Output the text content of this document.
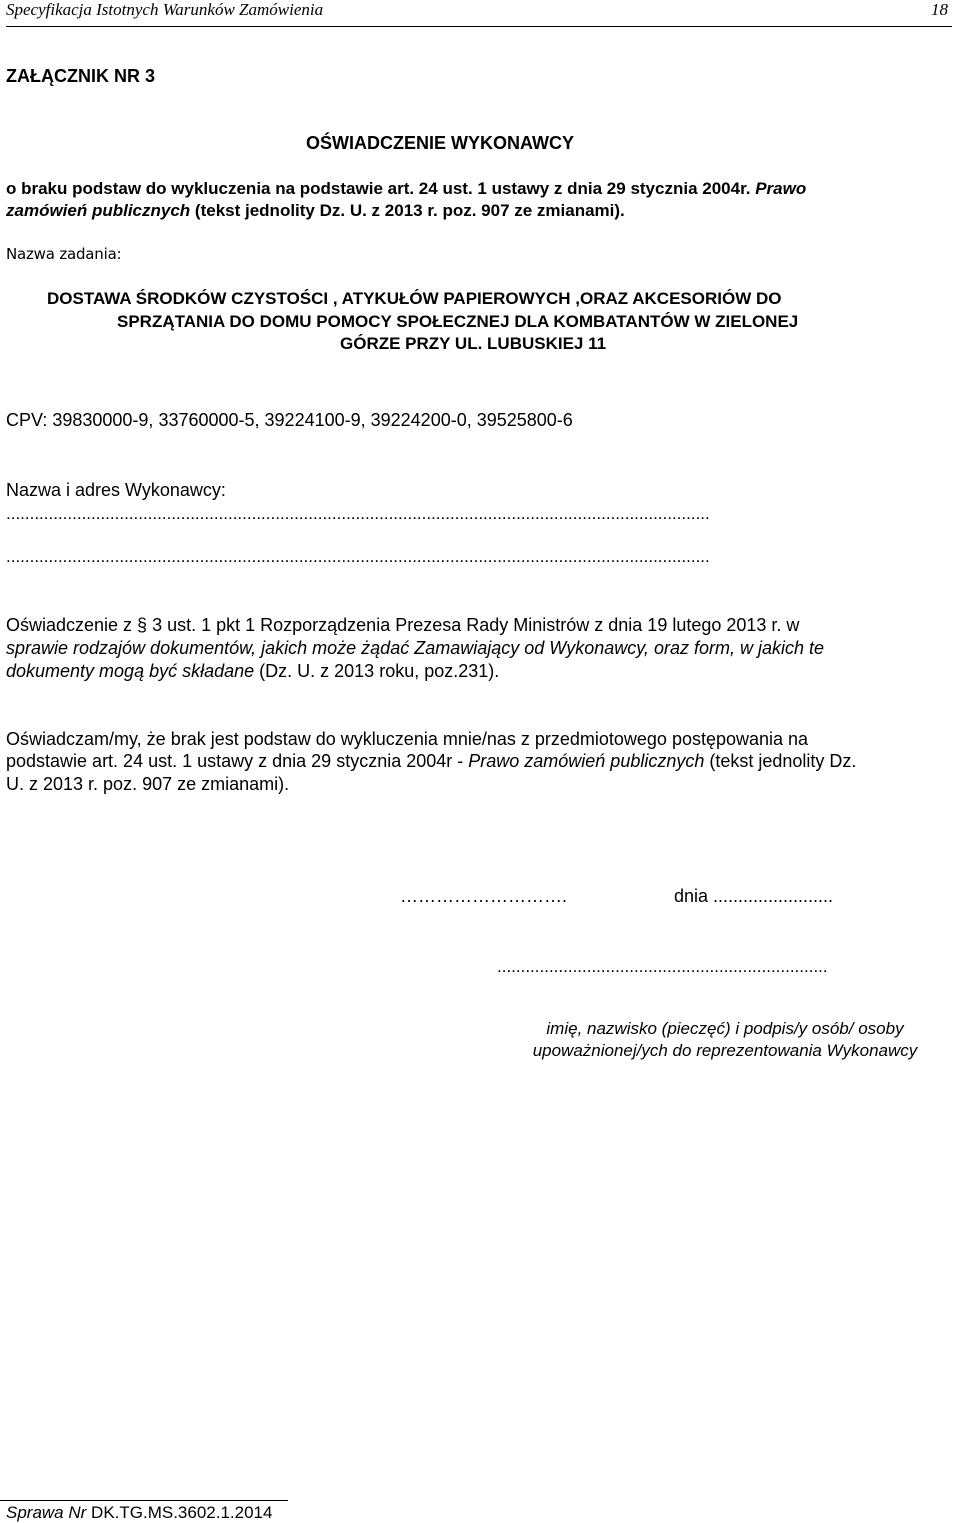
Specyfikacja Istotnych Warunków Zamówienia	18
ZAŁĄCZNIK NR 3
OŚWIADCZENIE WYKONAWCY
o braku podstaw do wykluczenia na podstawie art. 24 ust. 1 ustawy z dnia 29 stycznia 2004r. Prawo
zamówień publicznych (tekst jednolity Dz. U. z 2013 r. poz. 907 ze zmianami).
Nazwa zadania:
DOSTAWA ŚRODKÓW CZYSTOŚCI , ATYKUŁÓW PAPIEROWYCH ,ORAZ AKCESORIÓW DO
SPRZĄTANIA DO DOMU POMOCY SPOŁECZNEJ DLA KOMBATANTÓW W ZIELONEJ
GÓRZE PRZY UL. LUBUSKIEJ 11
CPV: 39830000-9, 33760000-5, 39224100-9, 39224200-0, 39525800-6
Nazwa i adres Wykonawcy:
.....................................................................................................................................................
.....................................................................................................................................................
Oświadczenie z § 3 ust. 1 pkt 1 Rozporządzenia Prezesa Rady Ministrów z dnia 19 lutego 2013 r. w
sprawie rodzajów dokumentów, jakich może żądać Zamawiający od Wykonawcy, oraz form, w jakich te
dokumenty mogą być składane (Dz. U. z 2013 roku, poz.231).
Oświadczam/my, że brak jest podstaw do wykluczenia mnie/nas z przedmiotowego postępowania na
podstawie art. 24 ust. 1 ustawy z dnia 29 stycznia 2004r - Prawo zamówień publicznych (tekst jednolity Dz.
U. z 2013 r. poz. 907 ze zmianami).
……………………….	dnia ........................
......................................................................
imię, nazwisko (pieczęć) i podpis/y osób/ osoby
upoważnionej/ych do reprezentowania Wykonawcy
Sprawa Nr DK.TG.MS.3602.1.2014
